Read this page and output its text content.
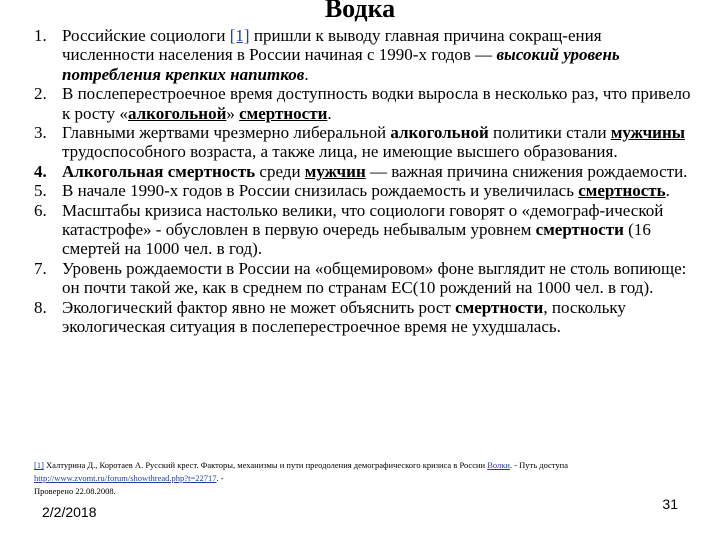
Водка
1. Российские социологи [1] пришли к выводу главная причина сокращ-ения численности населения в России начиная с 1990-х годов — высокий уровень потребления крепких напитков.
2. В послеперестроечное время доступность водки выросла в несколько раз, что привело к росту «алкогольной» смертности.
3. Главными жертвами чрезмерно либеральной алкогольной политики стали мужчины трудоспособного возраста, а также лица, не имеющие высшего образования.
4. Алкогольная смертность среди мужчин — важная причина снижения рождаемости.
5. В начале 1990-х годов в России снизилась рождаемость и увеличилась смертность.
6. Масштабы кризиса настолько велики, что социологи говорят о «демограф-ической катастрофе» - обусловлен в первую очередь небывалым уровнем смертности (16 смертей на 1000 чел. в год).
7. Уровень рождаемости в России на «общемировом» фоне выглядит не столь вопиюще: он почти такой же, как в среднем по странам ЕС(10 рождений на 1000 чел. в год).
8. Экологический фактор явно не может объяснить рост смертности, поскольку экологическая ситуация в послеперестроечное время не ухудшалась.
[1] Халтурина Д., Коротаев А. Русский крест. Факторы, механизмы и пути преодоления демографического кризиса в России Волки. - Путь доступа
http://www.zvomt.ru/forum/showthread.php?t=22717. -
Проверено 22.08.2008.
2/2/2018	31
